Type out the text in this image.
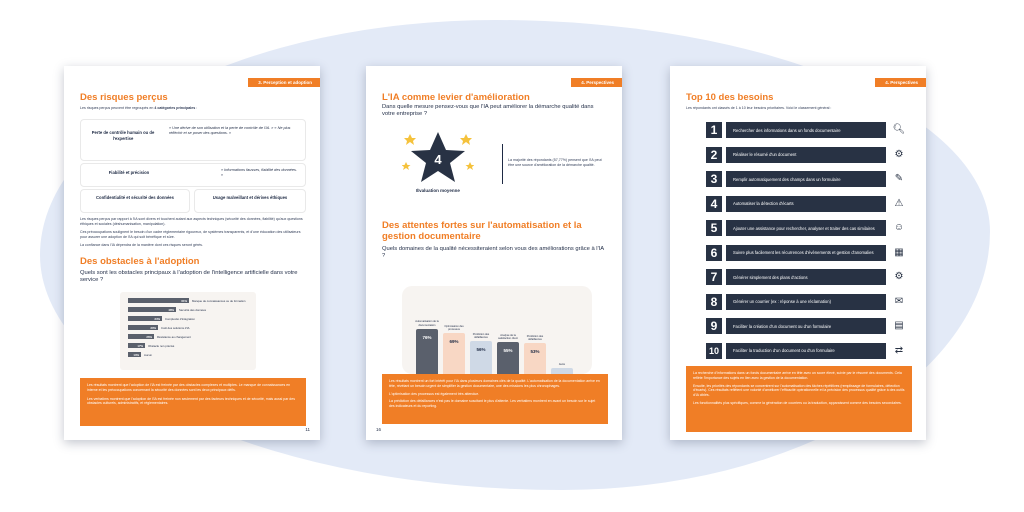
3. Perception et adoption
Des risques perçus
Les risques perçus peuvent être regroupés en 4 catégories principales :
Perte de contrôle humain ou de l'expertise
« Une dérive de son utilisation et la perte de contrôle de l'IA. » « Ne plus réfléchir et se poser des questions. »
Fiabilité et précision	« Informations fausses, fiabilité des données. »
Confidentialité et sécurité des données	Usage malveillant et dérives éthiques
Les risques perçus par rapport à l'IA sont divers et touchent autant aux aspects techniques (sécurité des données, fiabilité) qu'aux questions éthiques et sociales (déshumanisation, manipulation).
Ces préoccupations soulignent le besoin d'un cadre réglementaire rigoureux, de systèmes transparents, et d'une éducation des utilisateurs pour assurer une adoption de l'IA qui soit bénéfique et sûre.
La confiance dans l'IA dépendra de la manière dont ces risques seront gérés.
Des obstacles à l'adoption
Quels sont les obstacles principaux à l'adoption de l'intelligence artificielle dans votre service ?
61% Manque de connaissances ou de formation
48% Sécurité des données
34% Complexité d'intégration
30% Coût des solutions d'IA
26% Résistance au changement
17% Obstacle non précisé
13% Aucun
Les résultats montrent que l'adoption de l'IA est freinée par des obstacles complexes et multiples. Le manque de connaissances en interne et les préoccupations concernant la sécurité des données sont les deux principaux défis.
Les verbatims montrent que l'adoption de l'IA est freinée non seulement par des facteurs techniques et de sécurité, mais aussi par des obstacles culturels, administratifs, et réglementaires.
11
4. Perspectives
L'IA comme levier d'amélioration
Dans quelle mesure pensez-vous que l'IA peut améliorer la démarche qualité dans votre entreprise ?
4
Évaluation moyenne
La majorité des répondants (57,77%) pensent que l'IA peut être une source d'amélioration de la démarche qualité.
Des attentes fortes sur l'automatisation et la gestion documentaire
Quels domaines de la qualité nécessiteraient selon vous des améliorations grâce à l'IA ?
76%
Automatisation de la documentation
69%
Optimisation des processus
56%
Prédiction des défaillances
55%
Analyse de la satisfaction client
53%
Prédiction des défaillances
Autre
Les résultats montrent un fort intérêt pour l'IA dans plusieurs domaines clés de la qualité. L'automatisation de la documentation arrive en tête, révélant un besoin urgent de simplifier la gestion documentaire, une des missions les plus chronophages.
L'optimisation des processus est également très attendue.
La prédiction des défaillances n'est pas le domaine suscitant le plus d'attente. Les verbatims montrent en avant un besoin sur le sujet des indicateurs et du reporting.
16
4. Perspectives
Top 10 des besoins
Les répondants ont classés de 1 à 10 leur besoins prioritaires. Voici le classement général :
1	Rechercher des informations dans un fonds documentaire	🔍︎
2	Réaliser le résumé d'un document	⚙︎
3	Remplir automatiquement des champs dans un formulaire	✎︎
4	Automatiser la détection d'écarts	⚠︎
5	Ajouter une assistance pour rechercher, analyser et traiter des cas similaires	☺︎
6	Suivre plus facilement les récurrences d'évènements et gestion d'anomalies	▦
7	Générer simplement des plans d'actions	⚙︎
8	Générer un courrier (ex : réponse à une réclamation)	✉︎
9	Faciliter la création d'un document ou d'un formulaire	▤
10	Faciliter la traduction d'un document ou d'un formulaire	⇄
La recherche d'informations dans un fonds documentaire arrive en tête avec un score élevé, suivie par le résumé des documents. Cela reflète l'importance des sujets en lien avec la gestion de la documentation.
Ensuite, les priorités des répondants se concentrent sur l'automatisation des tâches répétitives (remplissage de formulaires, détection d'écarts). Ces résultats reflètent une volonté d'améliorer l'efficacité opérationnelle et la précision des processus qualité grâce à des outils d'IA ciblés.
Les fonctionnalités plus spécifiques, comme la génération de courriers ou la traduction, apparaissent comme des besoins secondaires.
